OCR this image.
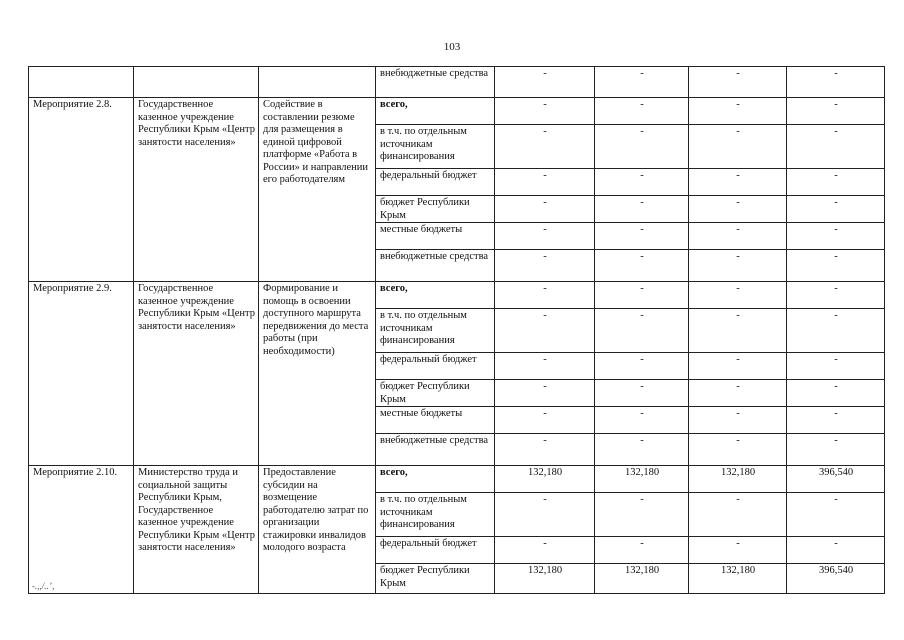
103
			внебюджетные средства	-	-	-	-
Мероприятие 2.8.	Государственное казенное учреждение Республики Крым «Центр занятости населения»	Содействие в составлении резюме для размещения в единой цифровой платформе «Работа в России» и направлении его работодателям	всего,	-	-	-	-
			в т.ч. по отдельным источникам финансирования	-	-	-	-
			федеральный бюджет	-	-	-	-
			бюджет Республики Крым	-	-	-	-
			местные бюджеты	-	-	-	-
			внебюджетные средства	-	-	-	-
Мероприятие 2.9.	Государственное казенное учреждение Республики Крым «Центр занятости населения»	Формирование и помощь в освоении доступного маршрута передвижения до места работы (при необходимости)	всего,	-	-	-	-
			в т.ч. по отдельным источникам финансирования	-	-	-	-
			федеральный бюджет	-	-	-	-
			бюджет Республики Крым	-	-	-	-
			местные бюджеты	-	-	-	-
			внебюджетные средства	-	-	-	-
Мероприятие 2.10.	Министерство труда и социальной защиты Республики Крым, Государственное казенное учреждение Республики Крым «Центр занятости населения»	Предоставление субсидии на возмещение работодателю затрат по организации стажировки инвалидов молодого возраста	всего,	132,180	132,180	132,180	396,540
			в т.ч. по отдельным источникам финансирования	-	-	-	-
			федеральный бюджет	-	-	-	-
			бюджет Республики Крым	132,180	132,180	132,180	396,540
-.,,/..ʼ‚
